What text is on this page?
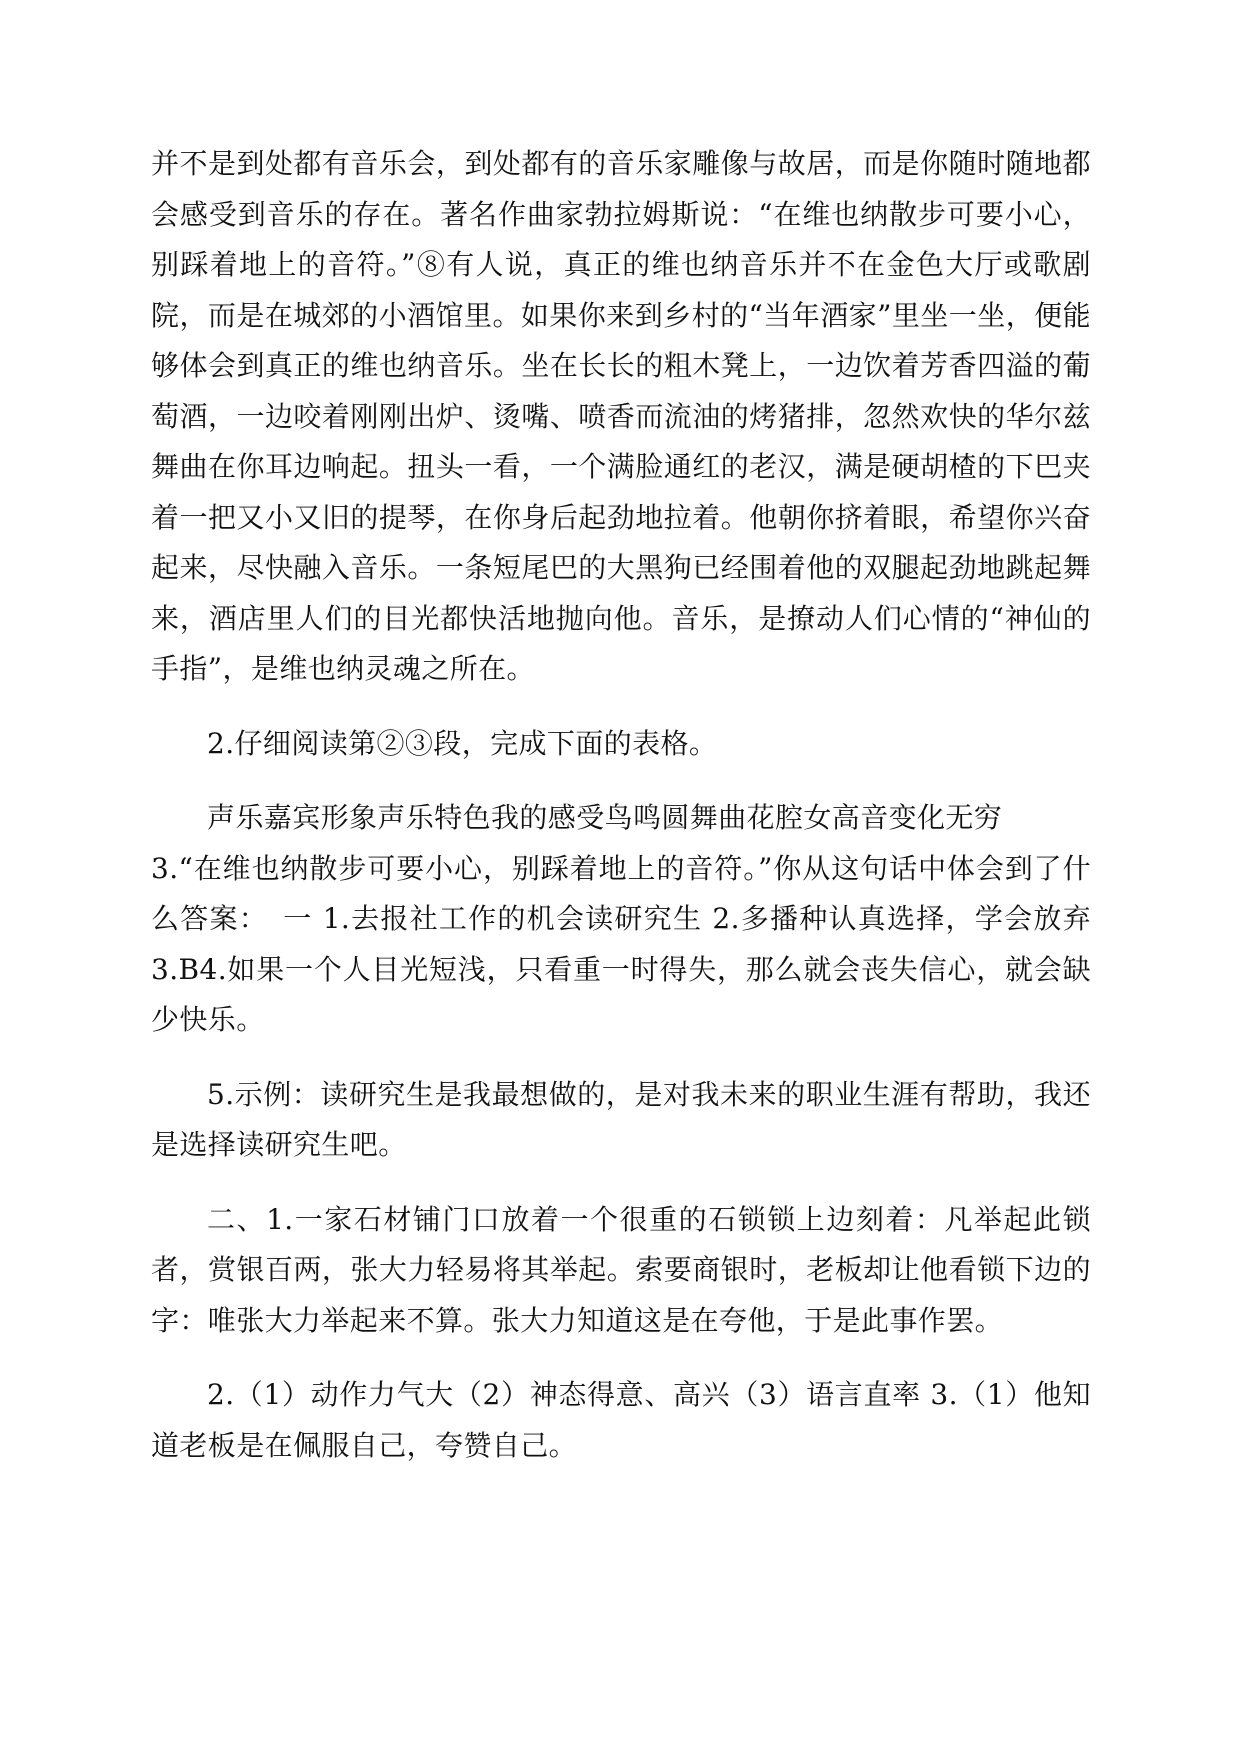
并不是到处都有音乐会，到处都有的音乐家雕像与故居，而是你随时随地都会感受到音乐的存在。著名作曲家勃拉姆斯说：“在维也纳散步可要小心，别踩着地上的音符。”⑧有人说，真正的维也纳音乐并不在金色大厅或歌剧院，而是在城郊的小酒馆里。如果你来到乡村的“当年酒家”里坐一坐，便能够体会到真正的维也纳音乐。坐在长长的粗木凳上，一边饮着芳香四溢的葡萄酒，一边咬着刚刚出炉、烫嘴、喷香而流油的烤猪排，忽然欢快的华尔兹舞曲在你耳边响起。扭头一看，一个满脸通红的老汉，满是硬胡楂的下巴夹着一把又小又旧的提琴，在你身后起劲地拉着。他朝你挤着眼，希望你兴奋起来，尽快融入音乐。一条短尾巴的大黑狗已经围着他的双腿起劲地跳起舞来，酒店里人们的目光都快活地抛向他。音乐，是撩动人们心情的“神仙的手指”，是维也纳灵魂之所在。

2.仔细阅读第②③段，完成下面的表格。

声乐嘉宾形象声乐特色我的感受鸟鸣圆舞曲花腔女高音变化无穷

3.“在维也纳散步可要小心，别踩着地上的音符。”你从这句话中体会到了什么答案：　一 1.去报社工作的机会读研究生 2.多播种认真选择，学会放弃 3.B4.如果一个人目光短浅，只看重一时得失，那么就会丧失信心，就会缺少快乐。

5.示例：读研究生是我最想做的，是对我未来的职业生涯有帮助，我还是选择读研究生吧。

二、1.一家石材铺门口放着一个很重的石锁锁上边刻着：凡举起此锁者，赏银百两，张大力轻易将其举起。索要商银时，老板却让他看锁下边的字：唯张大力举起来不算。张大力知道这是在夸他，于是此事作罢。

2.（1）动作力气大（2）神态得意、高兴（3）语言直率 3.（1）他知道老板是在佩服自己，夸赞自己。
